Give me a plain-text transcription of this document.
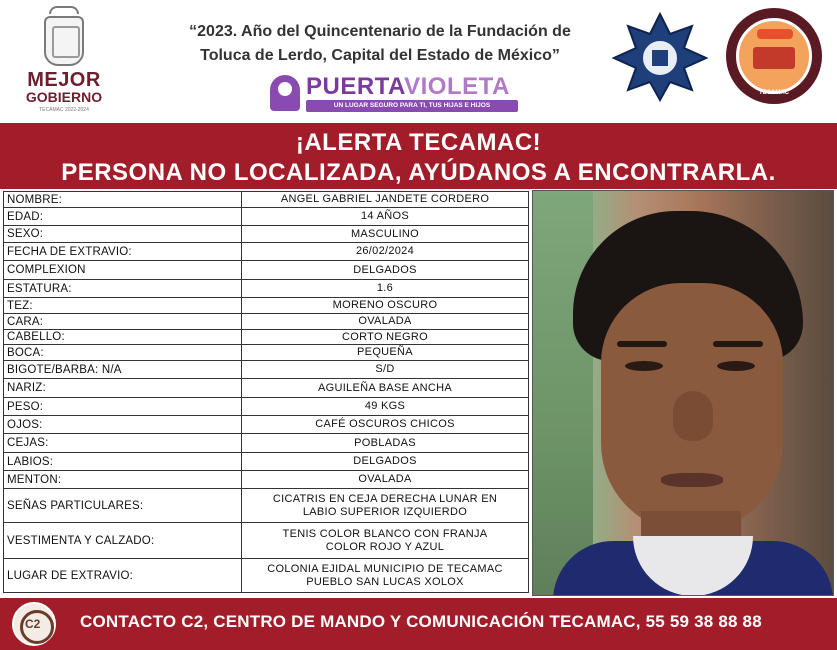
MEJOR
GOBIERNO
TECÁMAC 2022-2024
“2023. Año del Quincentenario de la Fundación de
Toluca de Lerdo, Capital del Estado de México”
PUERTAVIOLETA
UN LUGAR SEGURO PARA TI, TUS HIJAS E HIJOS
TECAMAC
¡ALERTA TECAMAC!
PERSONA NO LOCALIZADA, AYÚDANOS A ENCONTRARLA.
NOMBRE:	ANGEL GABRIEL JANDETE CORDERO
EDAD:	14 AÑOS
SEXO:	MASCULINO
FECHA DE EXTRAVIO:	26/02/2024
COMPLEXION	DELGADOS
ESTATURA:	1.6
TEZ:	MORENO OSCURO
CARA:	OVALADA
CABELLO:	CORTO NEGRO
BOCA:	PEQUEÑA
BIGOTE/BARBA: N/A	S/D
NARIZ:	AGUILEÑA BASE ANCHA
PESO:	49 KGS
OJOS:	CAFÉ OSCUROS CHICOS
CEJAS:	POBLADAS
LABIOS:	DELGADOS
MENTON:	OVALADA
SEÑAS PARTICULARES:
CICATRIS EN CEJA DERECHA LUNAR EN LABIO SUPERIOR IZQUIERDO
VESTIMENTA Y CALZADO:
TENIS COLOR BLANCO CON FRANJA COLOR ROJO Y AZUL
LUGAR DE EXTRAVIO:
COLONIA EJIDAL MUNICIPIO DE TECAMAC PUEBLO SAN LUCAS XOLOX
C2
CONTACTO C2, CENTRO DE MANDO Y COMUNICACIÓN TECAMAC, 55 59 38 88 88
